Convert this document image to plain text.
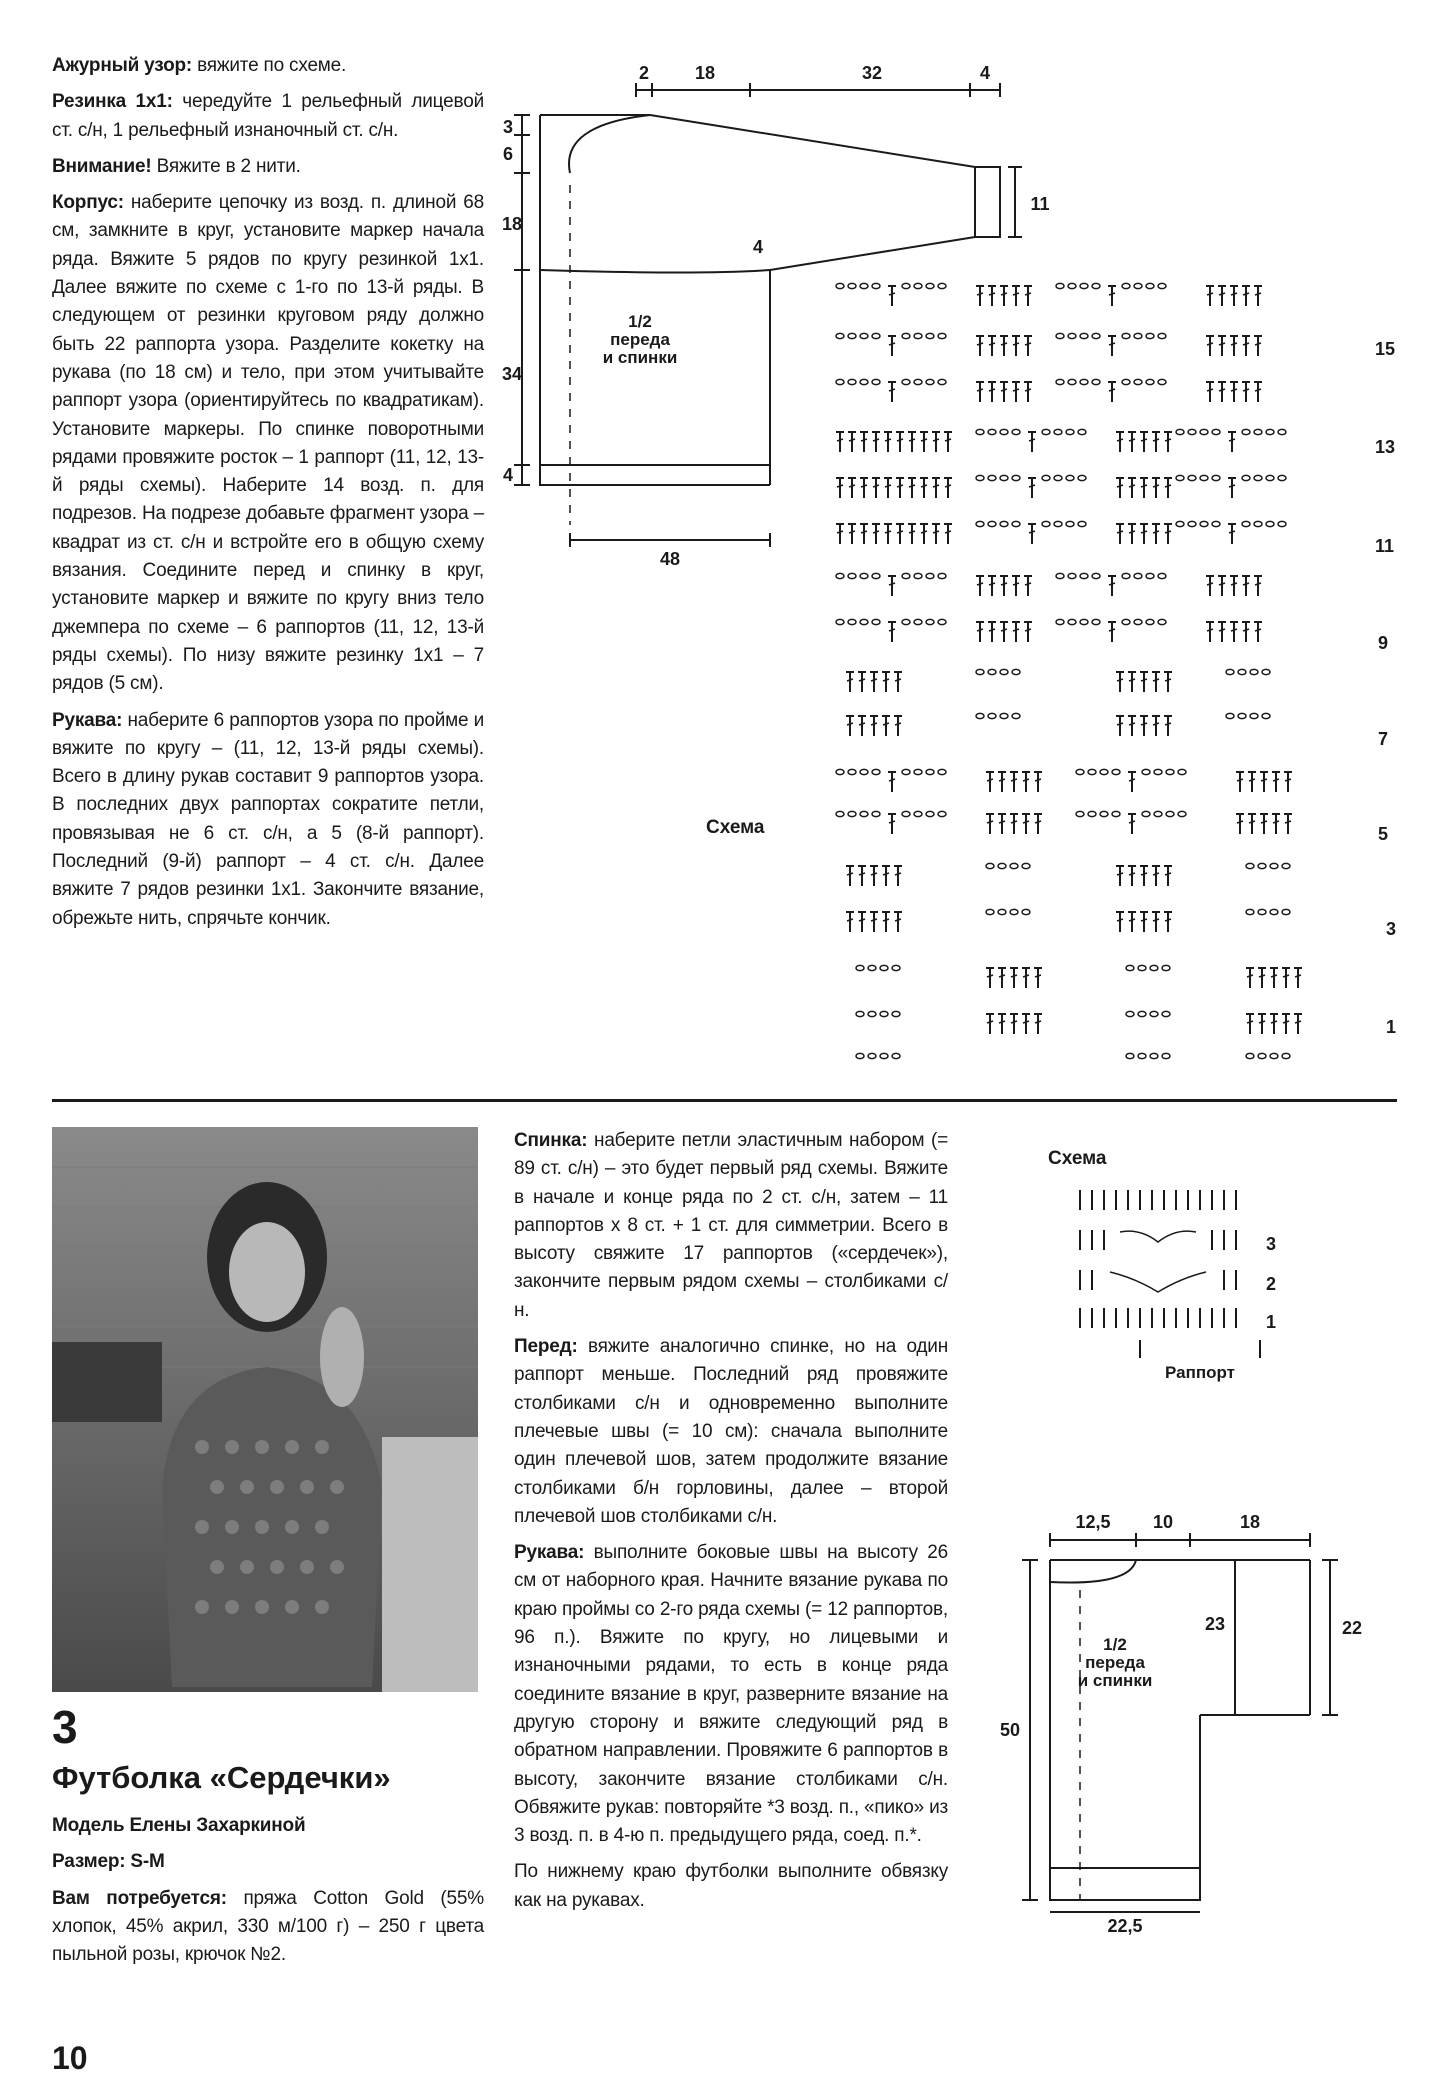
Ажурный узор: вяжите по схеме.

Резинка 1х1: чередуйте 1 рельефный лицевой ст. с/н, 1 рельефный изнаночный ст. с/н.

Внимание! Вяжите в 2 нити.

Корпус: наберите цепочку из возд. п. длиной 68 см, замкните в круг, установите маркер начала ряда. Вяжите 5 рядов по кругу резинкой 1х1. Далее вяжите по схеме с 1-го по 13-й ряды. В следующем от резинки круговом ряду должно быть 22 раппорта узора. Разделите кокетку на рукава (по 18 см) и тело, при этом учитывайте раппорт узора (ориентируйтесь по квадратикам). Установите маркеры. По спинке поворотными рядами провяжите росток – 1 раппорт (11, 12, 13-й ряды схемы). Наберите 14 возд. п. для подрезов. На подрезе добавьте фрагмент узора – квадрат из ст. с/н и встройте его в общую схему вязания. Соедините перед и спинку в круг, установите маркер и вяжите по кругу вниз тело джемпера по схеме – 6 раппортов (11, 12, 13-й ряды схемы). По низу вяжите резинку 1х1 – 7 рядов (5 см).

Рукава: наберите 6 раппортов узора по пройме и вяжите по кругу – (11, 12, 13-й ряды схемы). Всего в длину рукав составит 9 раппортов узора. В последних двух раппортах сократите петли, провязывая не 6 ст. с/н, а 5 (8-й раппорт). Последний (9-й) раппорт – 4 ст. с/н. Далее вяжите 7 рядов резинки 1х1. Закончите вязание, обрежьте нить, спрячьте кончик.

2	18	32	4
3
6
18
34
4
11
4
48
1/2
переда
и спинки
Схема
15
13
11
9
7
5
3
1
3
Футболка «Сердечки»

Модель Елены Захаркиной

Размер: S-M

Вам потребуется: пряжа Cotton Gold (55% хлопок, 45% акрил, 330 м/100 г) – 250 г цвета пыльной розы, крючок №2.

Спинка: наберите петли эластичным набором (= 89 ст. с/н) – это будет первый ряд схемы. Вяжите в начале и конце ряда по 2 ст. с/н, затем – 11 раппортов х 8 ст. + 1 ст. для симметрии. Всего в высоту свяжите 17 раппортов («сердечек»), закончите первым рядом схемы – столбиками с/н.

Перед: вяжите аналогично спинке, но на один раппорт меньше. Последний ряд провяжите столбиками с/н и одновременно выполните плечевые швы (= 10 см): сначала выполните один плечевой шов, затем продолжите вязание столбиками б/н горловины, далее – второй плечевой шов столбиками с/н.

Рукава: выполните боковые швы на высоту 26 см от наборного края. Начните вязание рукава по краю проймы со 2-го ряда схемы (= 12 раппортов, 96 п.). Вяжите по кругу, но лицевыми и изнаночными рядами, то есть в конце ряда соедините вязание в круг, разверните вязание на другую сторону и вяжите следующий ряд в обратном направлении. Провяжите 6 раппортов в высоту, закончите вязание столбиками с/н. Обвяжите рукав: повторяйте *3 возд. п., «пико» из 3 возд. п. в 4-ю п. предыдущего ряда, соед. п.*.

По нижнему краю футболки выполните обвязку как на рукавах.

Схема
3
2
1
Раппорт
12,5 10	18
23	22
50
22,5
1/2
переда
и спинки
10
